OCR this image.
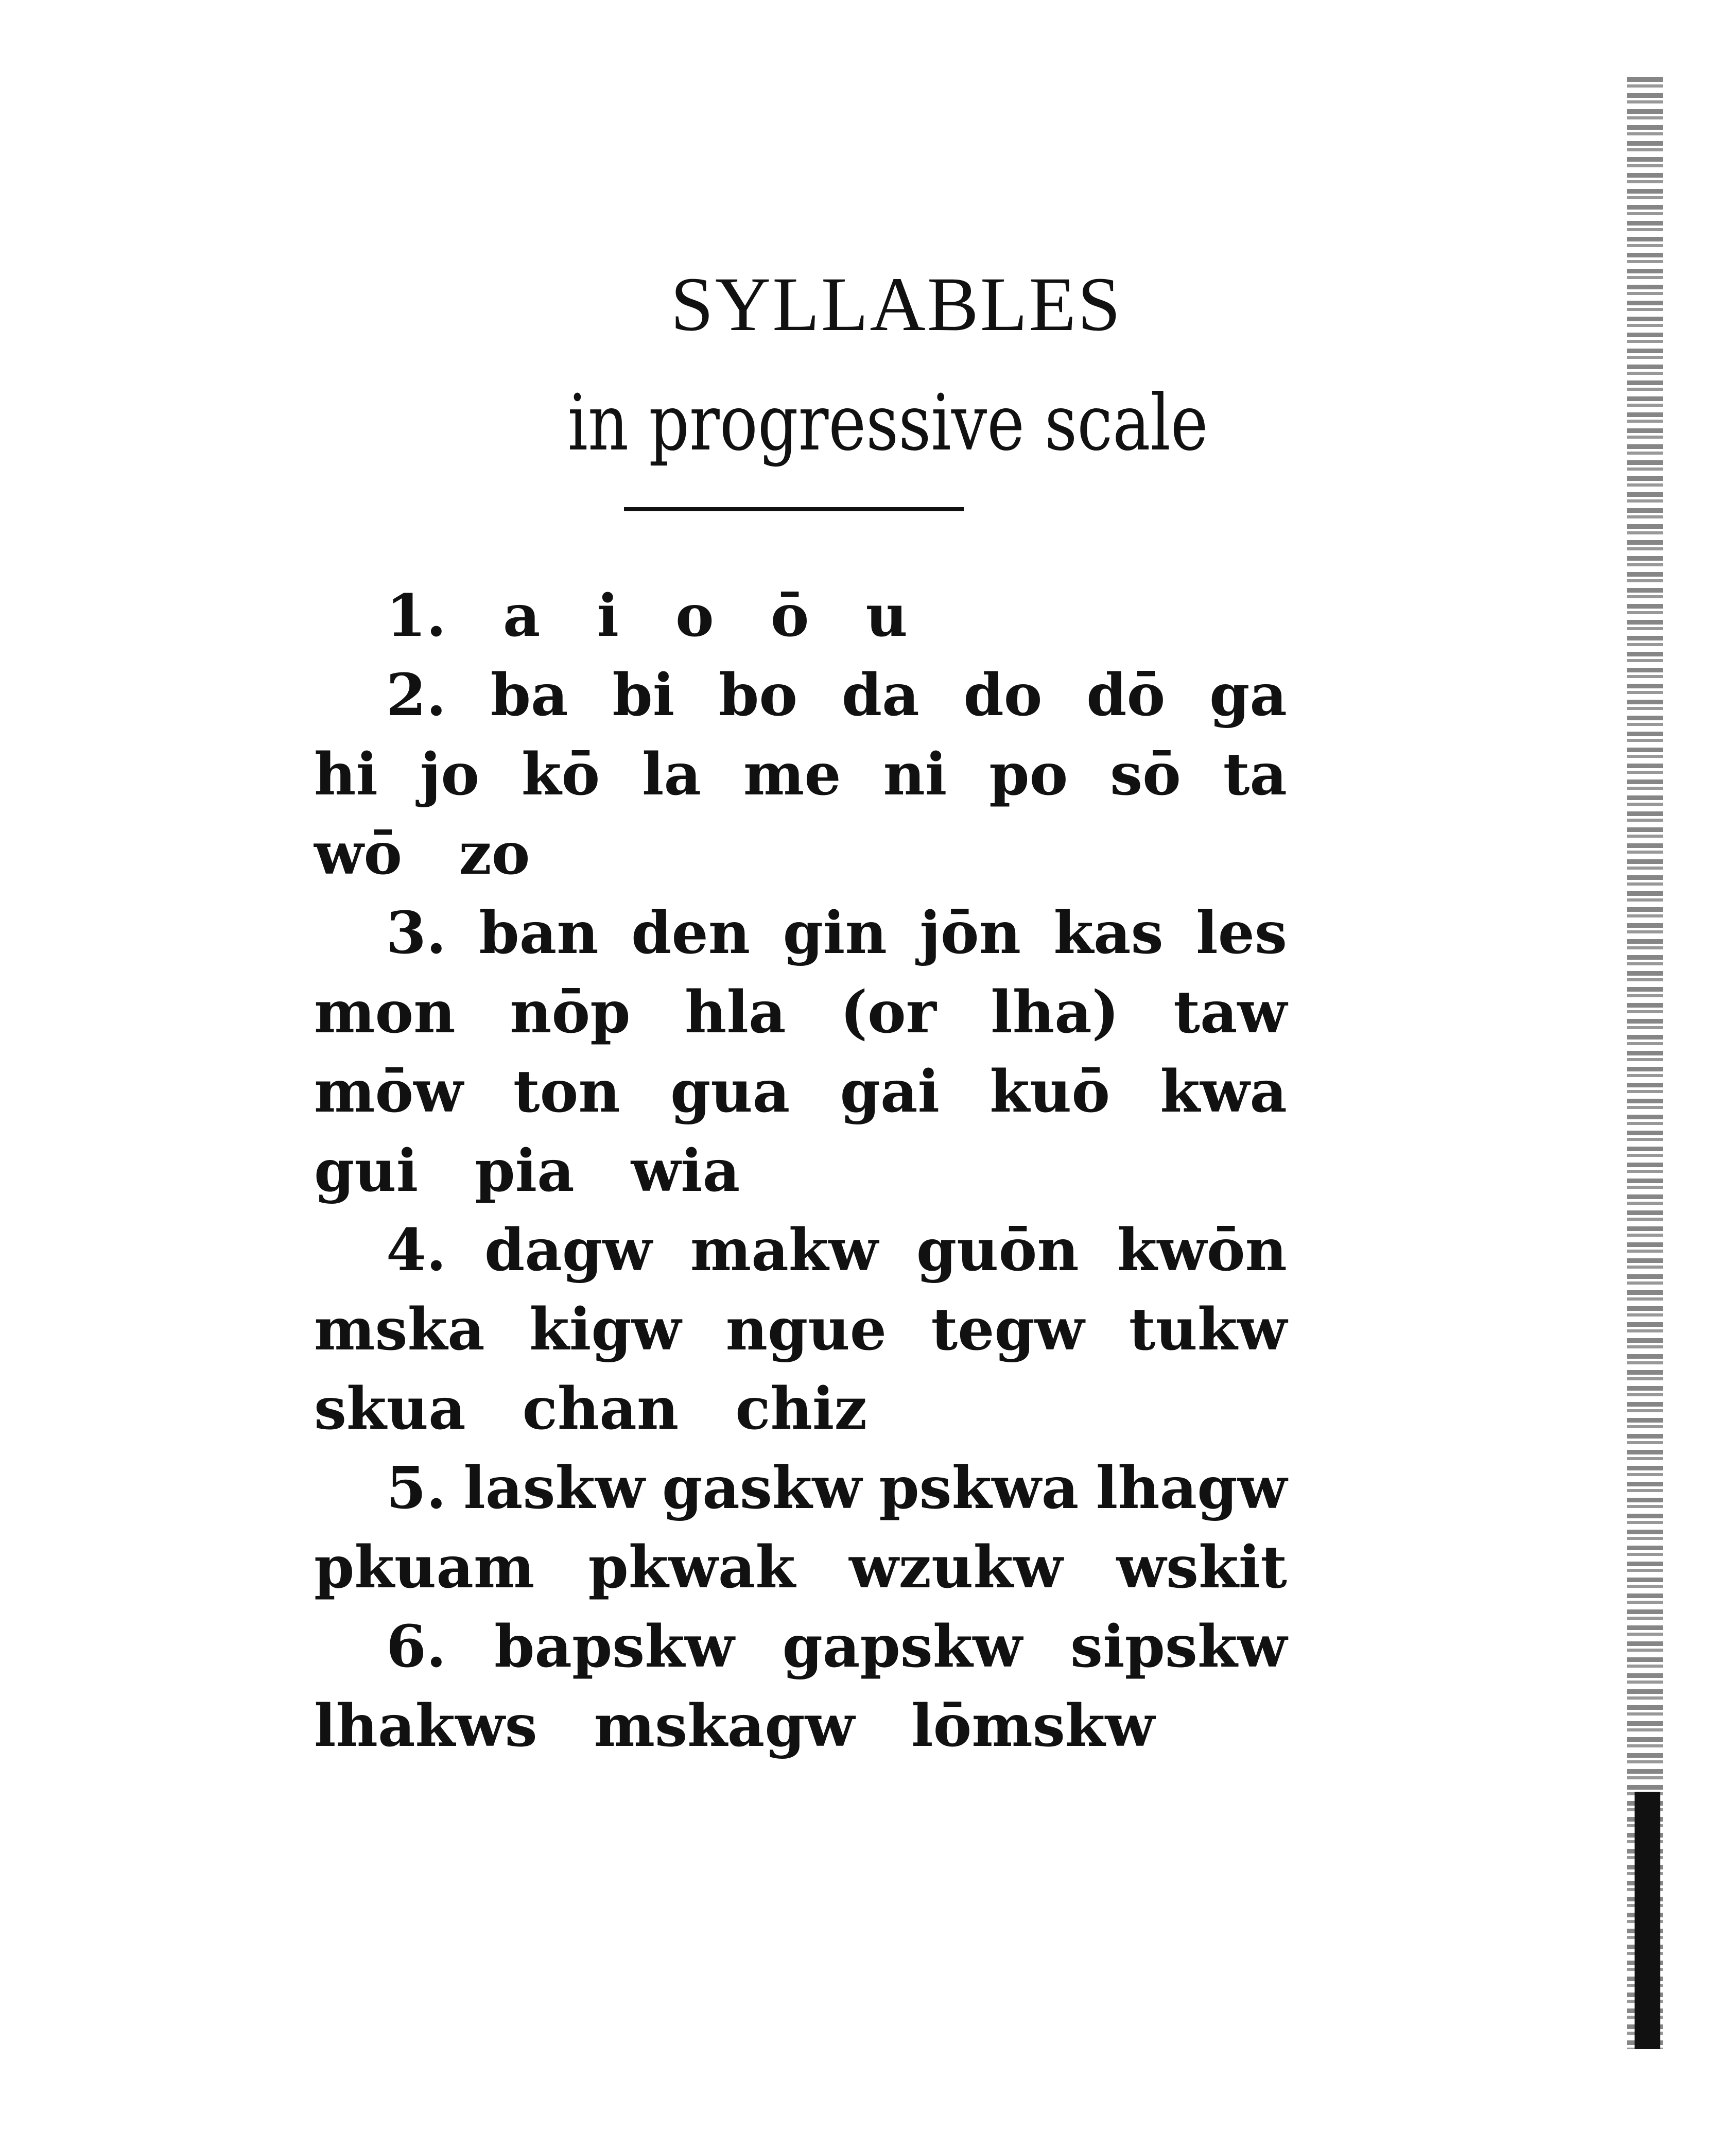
SYLLABLES
in progressive scale
1. a i o ō u
2. ba bi bo da do dō ga
hi jo kō la me ni po sō ta
wō zo
3. ban den gin jōn kas les
mon nōp hla (or lha) taw
mōw ton gua gai kuō kwa
gui pia wia
4. dagw makw guōn kwōn
mska kigw ngue tegw tukw
skua chan chiz
5. laskw gaskw pskwa lhagw
pkuam pkwak wzukw wskit
6. bapskw gapskw sipskw
lhakws mskagw lōmskw
